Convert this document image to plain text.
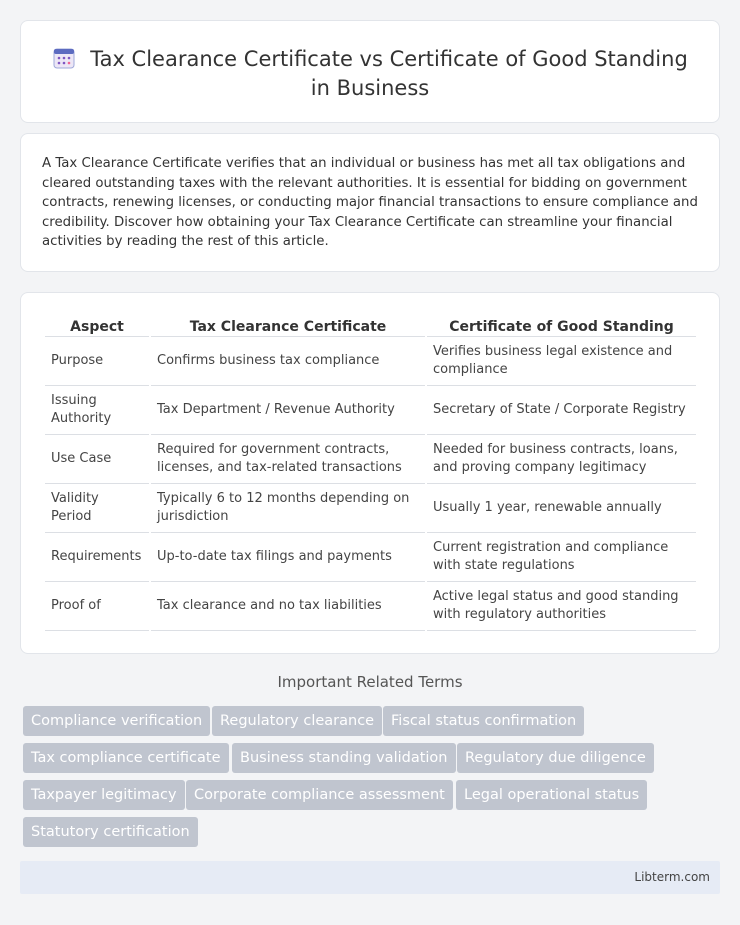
Tax Clearance Certificate vs Certificate of Good Standing in Business

A Tax Clearance Certificate verifies that an individual or business has met all tax obligations and cleared outstanding taxes with the relevant authorities. It is essential for bidding on government contracts, renewing licenses, or conducting major financial transactions to ensure compliance and credibility. Discover how obtaining your Tax Clearance Certificate can streamline your financial activities by reading the rest of this article.

Aspect	Tax Clearance Certificate	Certificate of Good Standing
Purpose	Confirms business tax compliance	Verifies business legal existence and compliance
Issuing Authority	Tax Department / Revenue Authority	Secretary of State / Corporate Registry
Use Case	Required for government contracts, licenses, and tax-related transactions	Needed for business contracts, loans, and proving company legitimacy
Validity Period	Typically 6 to 12 months depending on jurisdiction	Usually 1 year, renewable annually
Requirements	Up-to-date tax filings and payments	Current registration and compliance with state regulations
Proof of	Tax clearance and no tax liabilities	Active legal status and good standing with regulatory authorities
Important Related Terms
Compliance verification	Regulatory clearance	Fiscal status confirmation
Tax compliance certificate	Business standing validation	Regulatory due diligence
Taxpayer legitimacy	Corporate compliance assessment	Legal operational status
Statutory certification
Libterm.com
